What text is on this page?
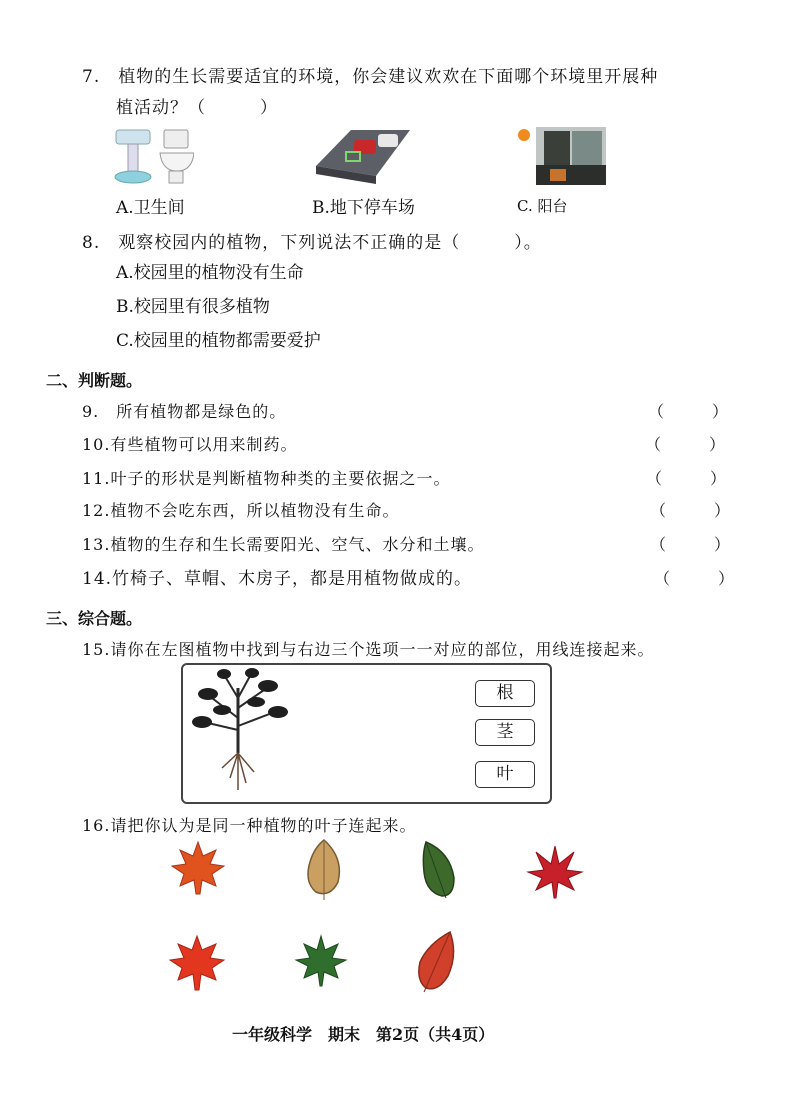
7.　植物的生长需要适宜的环境，你会建议欢欢在下面哪个环境里开展种
植活动？（　　　）
A.卫生间	B.地下停车场	C. 阳台
8.　观察校园内的植物，下列说法不正确的是（　　　）。
A.校园里的植物没有生命
B.校园里有很多植物
C.校园里的植物都需要爱护
二、判断题。
9.　所有植物都是绿色的。	（　　　）
10.有些植物可以用来制药。	（　　　）
11.叶子的形状是判断植物种类的主要依据之一。	（　　　）
12.植物不会吃东西，所以植物没有生命。	（　　　）
13.植物的生存和生长需要阳光、空气、水分和土壤。	（　　　）
14.竹椅子、草帽、木房子，都是用植物做成的。	（　　　）
三、综合题。
15.请你在左图植物中找到与右边三个选项一一对应的部位，用线连接起来。
根
茎
叶
16.请把你认为是同一种植物的叶子连起来。
一年级科学　期末　第2页（共4页）
